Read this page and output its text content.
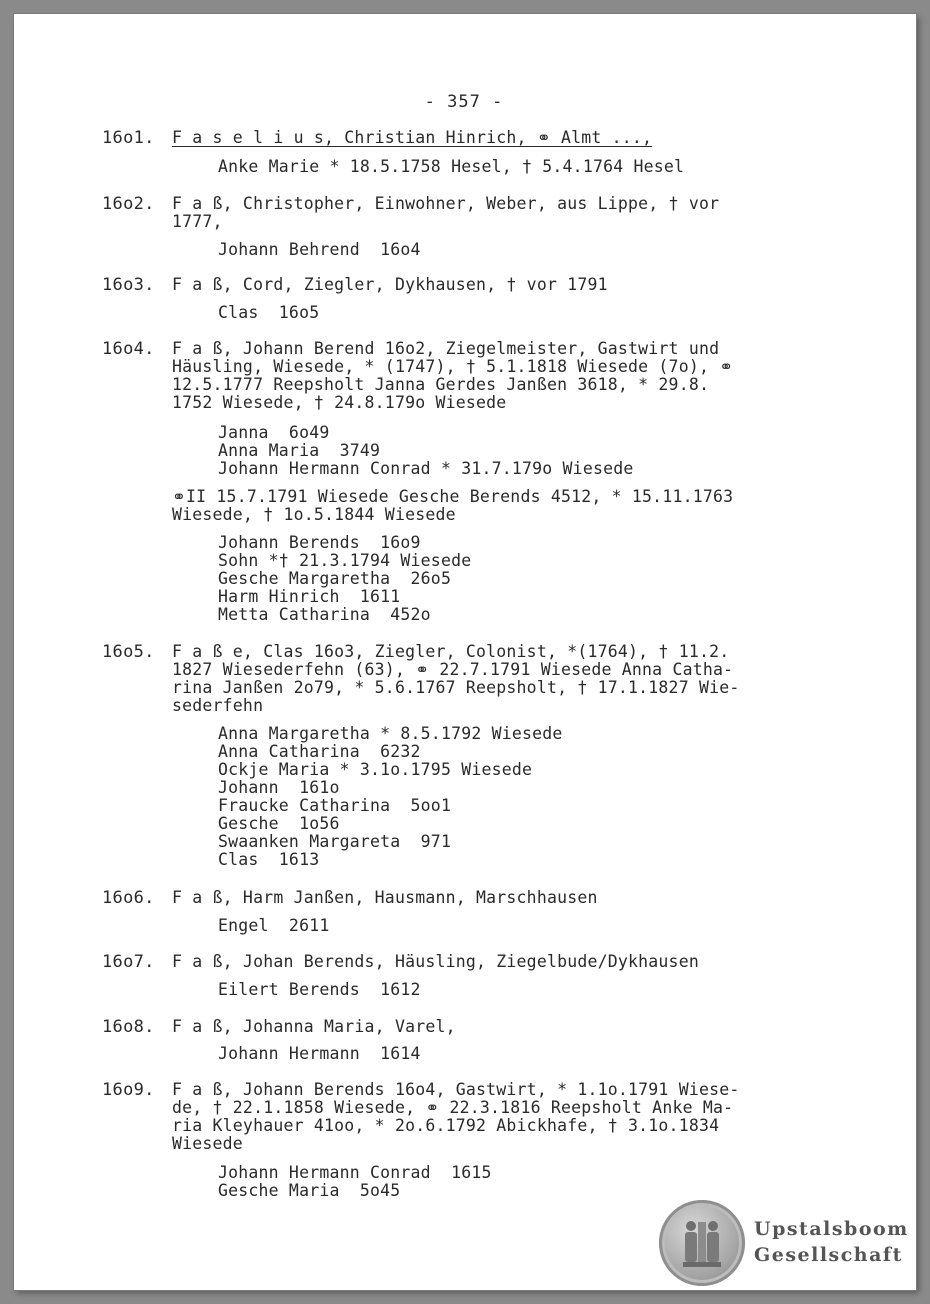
- 357 -
16o1. F a s e l i u s, Christian Hinrich, ⚭ Almt ...,
Anke Marie * 18.5.1758 Hesel, † 5.4.1764 Hesel
16o2. F a ß, Christopher, Einwohner, Weber, aus Lippe, † vor
1777,
Johann Behrend  16o4
16o3. F a ß, Cord, Ziegler, Dykhausen, † vor 1791
Clas  16o5
16o4. F a ß, Johann Berend 16o2, Ziegelmeister, Gastwirt und
Häusling, Wiesede, * (1747), † 5.1.1818 Wiesede (7o), ⚭
12.5.1777 Reepsholt Janna Gerdes Janßen 3618, * 29.8.
1752 Wiesede, † 24.8.179o Wiesede
Janna  6o49
Anna Maria  3749
Johann Hermann Conrad * 31.7.179o Wiesede
⚭II 15.7.1791 Wiesede Gesche Berends 4512, * 15.11.1763
Wiesede, † 1o.5.1844 Wiesede
Johann Berends  16o9
Sohn *† 21.3.1794 Wiesede
Gesche Margaretha  26o5
Harm Hinrich  1611
Metta Catharina  452o
16o5. F a ß e, Clas 16o3, Ziegler, Colonist, *(1764), † 11.2.
1827 Wiesederfehn (63), ⚭ 22.7.1791 Wiesede Anna Catha-
rina Janßen 2o79, * 5.6.1767 Reepsholt, † 17.1.1827 Wie-
sederfehn
Anna Margaretha * 8.5.1792 Wiesede
Anna Catharina  6232
Ockje Maria * 3.1o.1795 Wiesede
Johann  161o
Fraucke Catharina  5oo1
Gesche  1o56
Swaanken Margareta  971
Clas  1613
16o6. F a ß, Harm Janßen, Hausmann, Marschhausen
Engel  2611
16o7. F a ß, Johan Berends, Häusling, Ziegelbude/Dykhausen
Eilert Berends  1612
16o8. F a ß, Johanna Maria, Varel,
Johann Hermann  1614
16o9. F a ß, Johann Berends 16o4, Gastwirt, * 1.1o.1791 Wiese-
de, † 22.1.1858 Wiesede, ⚭ 22.3.1816 Reepsholt Anke Ma-
ria Kleyhauer 41oo, * 2o.6.1792 Abickhafe, † 3.1o.1834
Wiesede
Johann Hermann Conrad  1615
Gesche Maria  5o45
Upstalsboom
Gesellschaft
